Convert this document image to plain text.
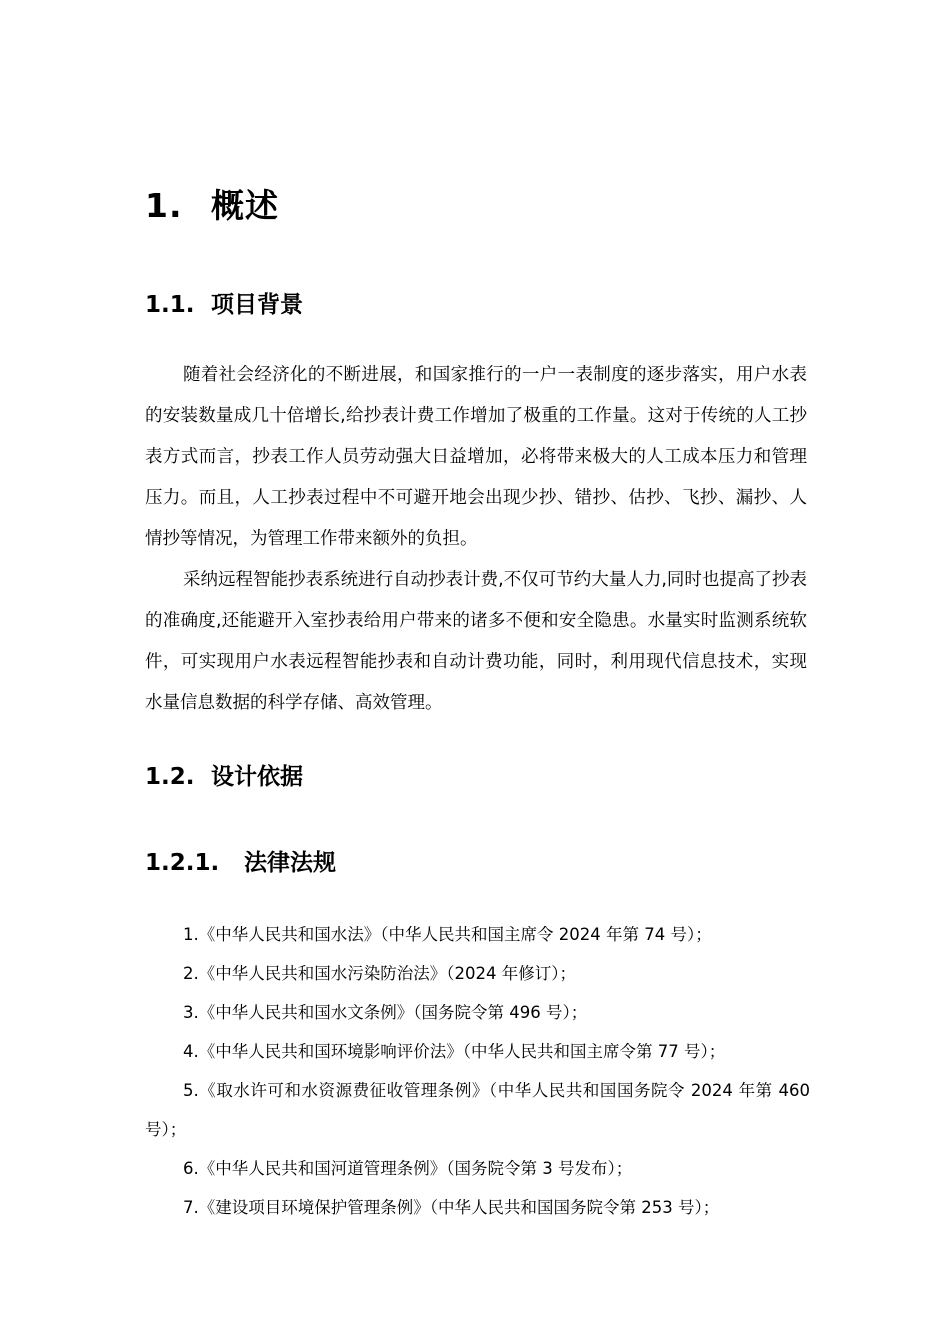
1. 概述
1.1. 项目背景

随着社会经济化的不断进展，和国家推行的一户一表制度的逐步落实，用户水表的安装数量成几十倍增长,给抄表计费工作增加了极重的工作量。这对于传统的人工抄表方式而言，抄表工作人员劳动强大日益增加，必将带来极大的人工成本压力和管理压力。而且，人工抄表过程中不可避开地会出现少抄、错抄、估抄、飞抄、漏抄、人情抄等情况，为管理工作带来额外的负担。

采纳远程智能抄表系统进行自动抄表计费,不仅可节约大量人力,同时也提高了抄表的准确度,还能避开入室抄表给用户带来的诸多不便和安全隐患。水量实时监测系统软件，可实现用户水表远程智能抄表和自动计费功能，同时，利用现代信息技术，实现水量信息数据的科学存储、高效管理。

1.2. 设计依据
1.2.1. 法律法规
1.《中华人民共和国水法》（中华人民共和国主席令 2024 年第 74 号）；
2.《中华人民共和国水污染防治法》（2024 年修订）；
3.《中华人民共和国水文条例》（国务院令第 496 号）；
4.《中华人民共和国环境影响评价法》（中华人民共和国主席令第 77 号）；
5.《取水许可和水资源费征收管理条例》（中华人民共和国国务院令 2024 年第 460 号）；
6.《中华人民共和国河道管理条例》（国务院令第 3 号发布）；
7.《建设项目环境保护管理条例》（中华人民共和国国务院令第 253 号）；
